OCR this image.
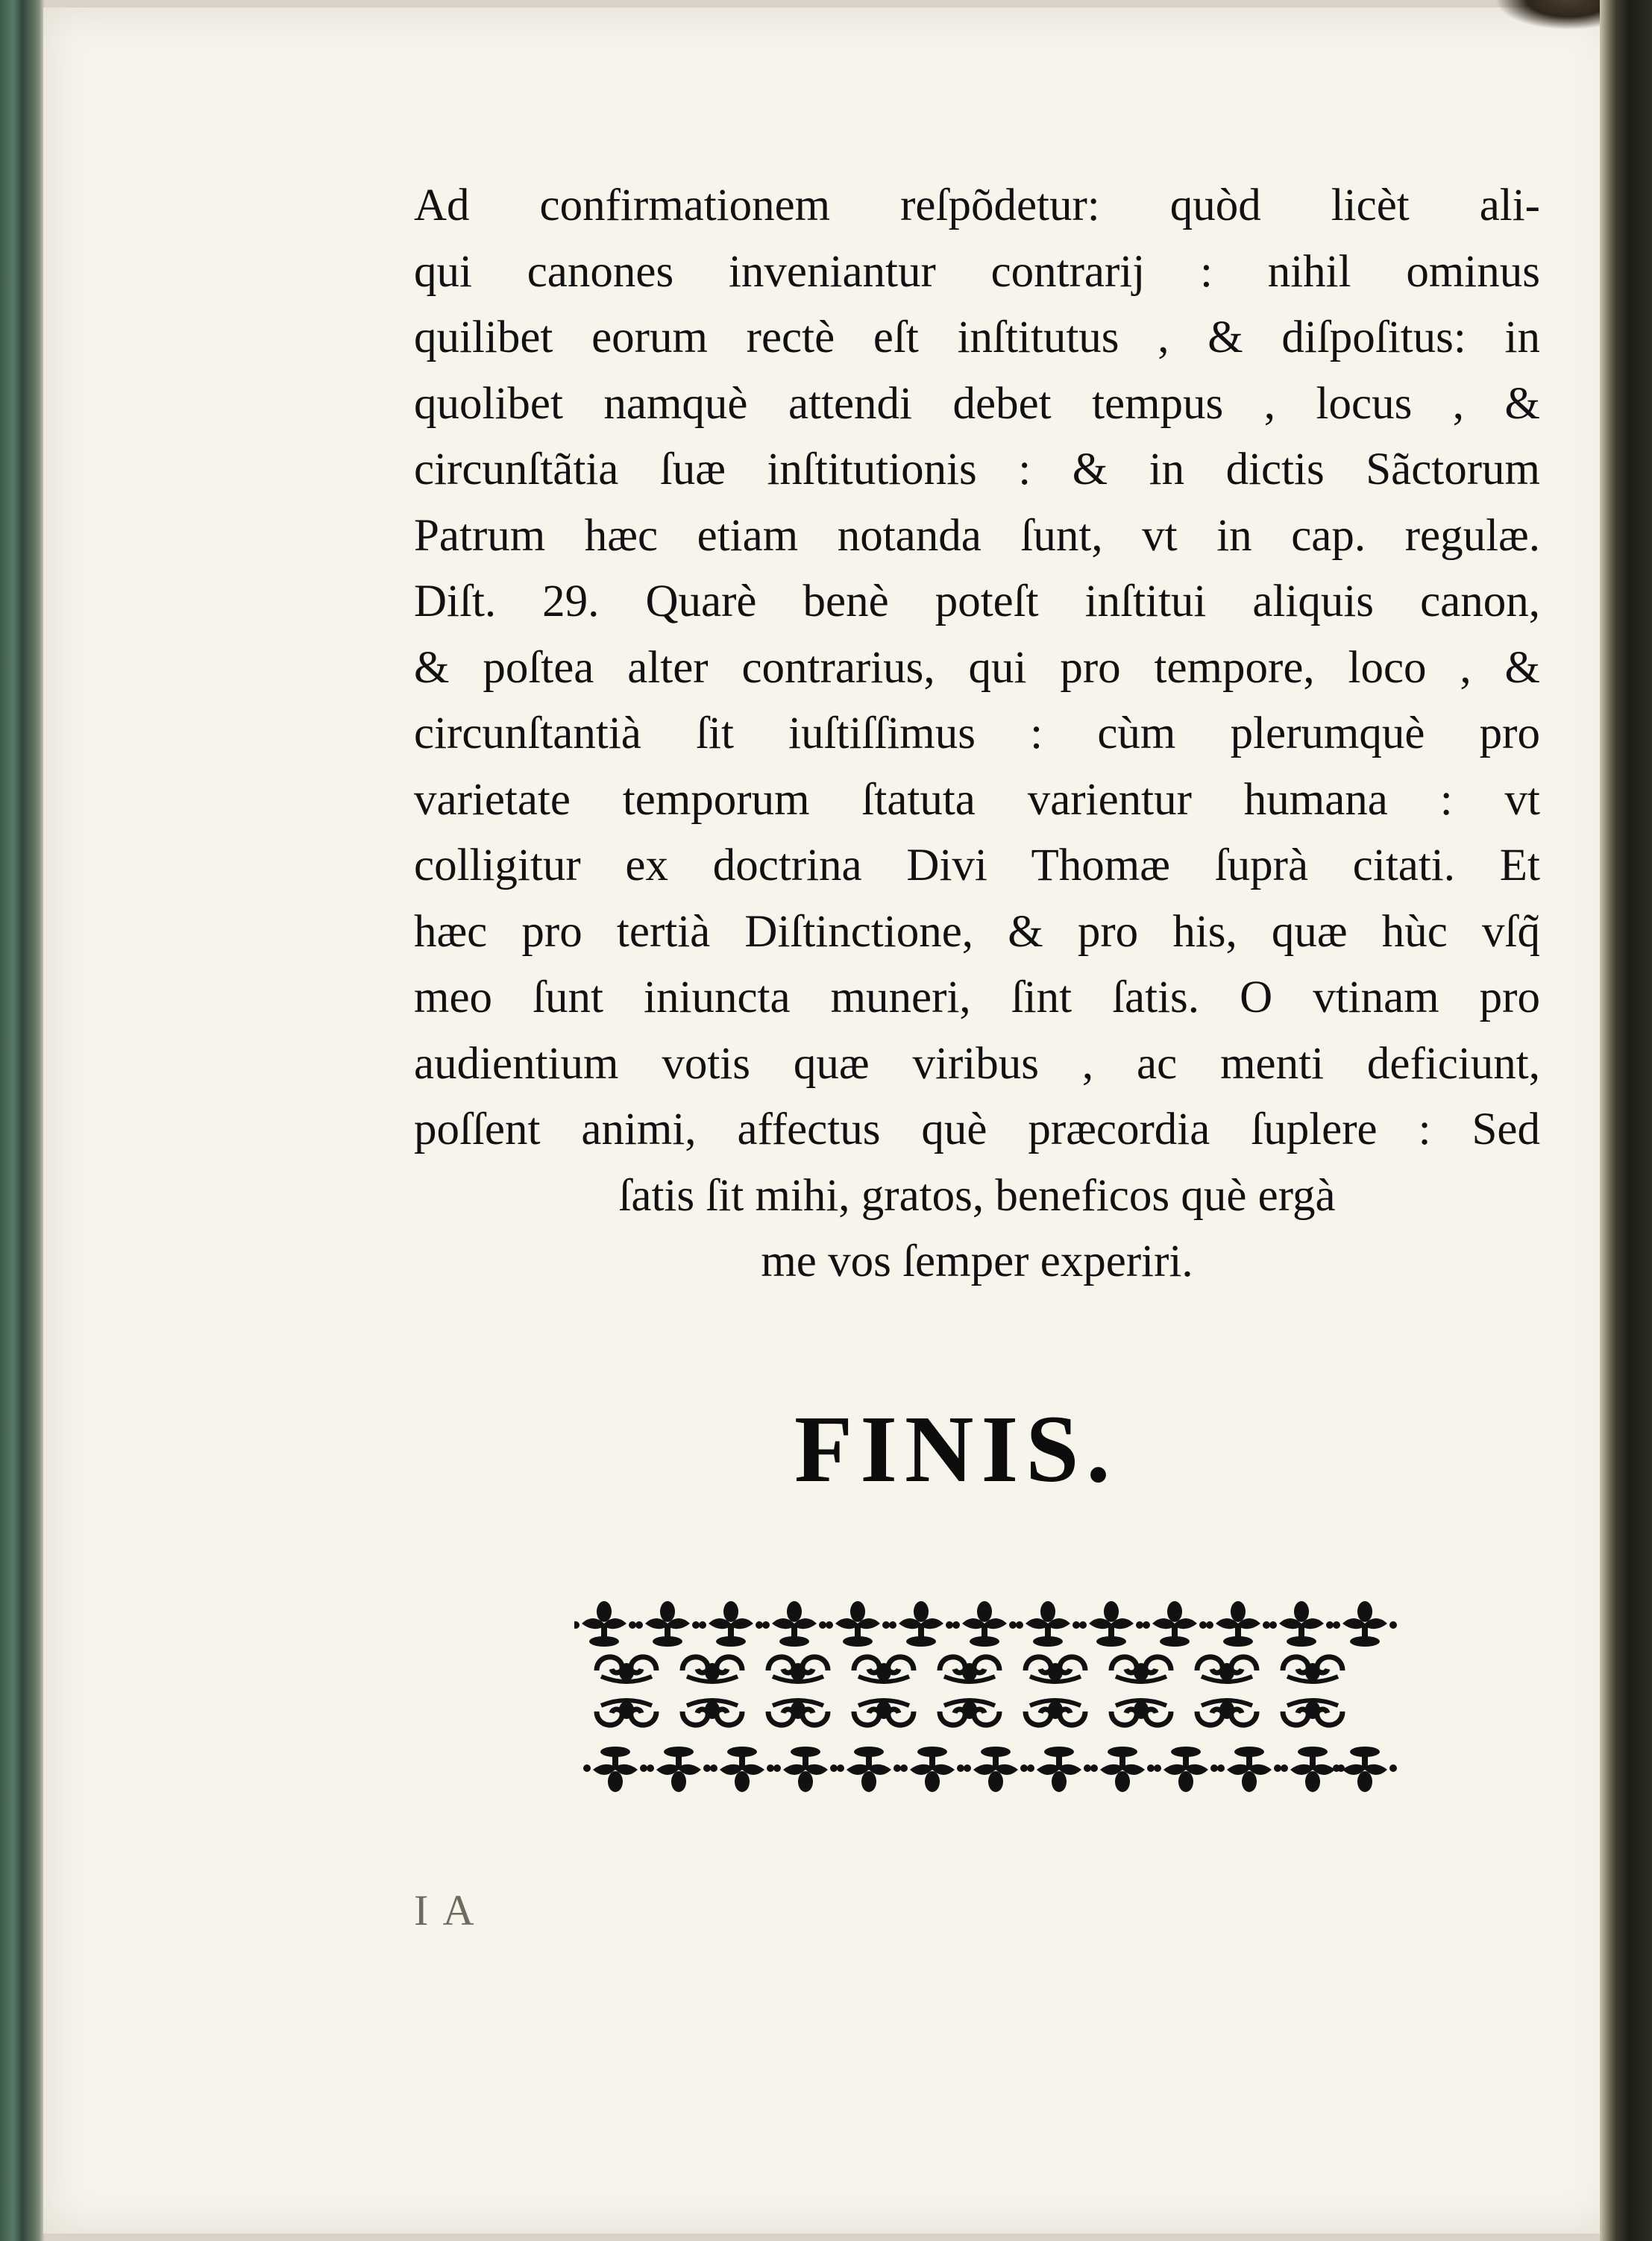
Ad confirmationem reſpõdetur: quòd licèt ali-
qui canones inveniantur contrarij : nihil ominus
quilibet eorum rectè eſt inſtitutus , & diſpoſitus: in
quolibet namquè attendi debet tempus , locus , &
circunſtãtia ſuæ inſtitutionis : & in dictis Sãctorum
Patrum hæc etiam notanda ſunt, vt in cap. regulæ.
Diſt. 29. Quarè benè poteſt inſtitui aliquis canon,
& poſtea alter contrarius, qui pro tempore, loco , &
circunſtantià ſit iuſtiſſimus : cùm plerumquè pro
varietate temporum ſtatuta varientur humana : vt
colligitur ex doctrina Divi Thomæ ſuprà citati. Et
hæc pro tertià Diſtinctione, & pro his, quæ hùc vſq̃
meo ſunt iniuncta muneri, ſint ſatis. O vtinam pro
audientium votis quæ viribus , ac menti deficiunt,
poſſent animi, affectus què præcordia ſuplere : Sed
ſatis ſit mihi, gratos, beneficos què ergà
me vos ſemper experiri.
FINIS.
I A
